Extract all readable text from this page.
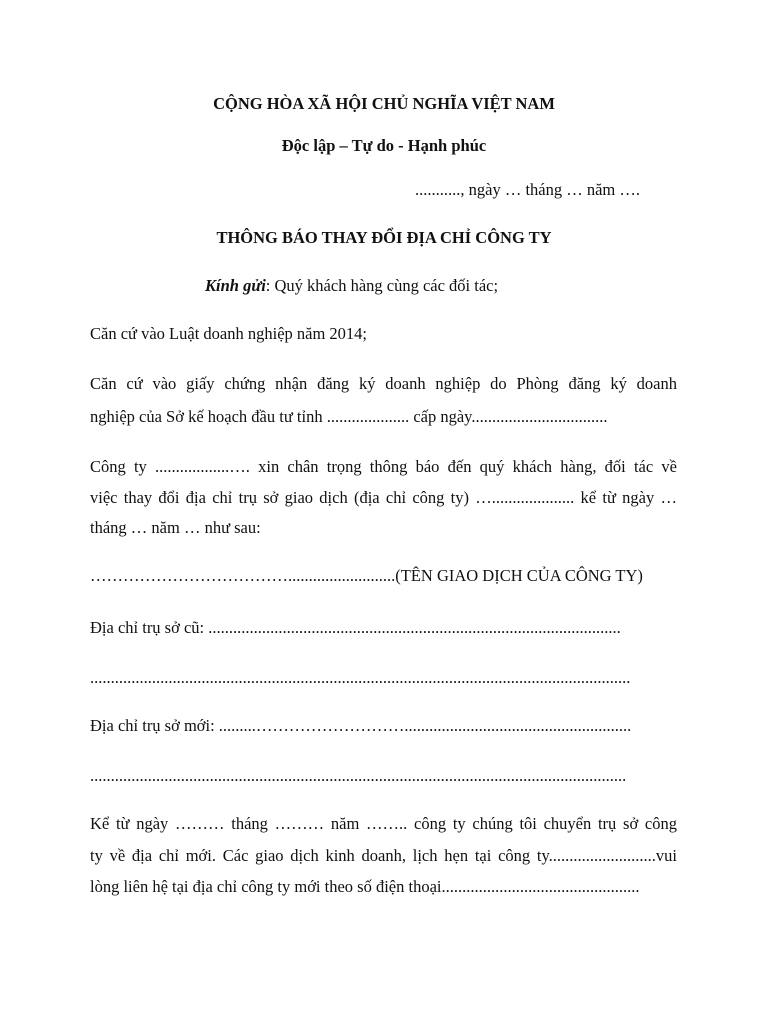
CỘNG HÒA XÃ HỘI CHỦ NGHĨA VIỆT NAM
Độc lập – Tự do - Hạnh phúc
..........., ngày … tháng … năm ….
THÔNG BÁO THAY ĐỔI ĐỊA CHỈ CÔNG TY
Kính gửi: Quý khách hàng cùng các đối tác;
Căn cứ vào Luật doanh nghiệp năm 2014;
Căn cứ vào giấy chứng nhận đăng ký doanh nghiệp do Phòng đăng ký doanh
nghiệp của Sở kế hoạch đầu tư tỉnh .................... cấp ngày.................................
Công ty ..................…. xin chân trọng thông báo đến quý khách hàng, đối tác về
việc thay đổi địa chỉ trụ sở giao dịch (địa chỉ công ty) ….................... kể từ ngày …
tháng … năm … như sau:
………………………………..........................(TÊN GIAO DỊCH CỦA CÔNG TY)
Địa chỉ trụ sở cũ: ....................................................................................................
...................................................................................................................................
Địa chỉ trụ sở mới: .........……………………….......................................................
..................................................................................................................................
Kể từ ngày ……… tháng ……… năm …….. công ty chúng tôi chuyển trụ sở công
ty về địa chỉ mới. Các giao dịch kinh doanh, lịch hẹn tại công ty..........................vui
lòng liên hệ tại địa chỉ công ty mới theo số điện thoại................................................
